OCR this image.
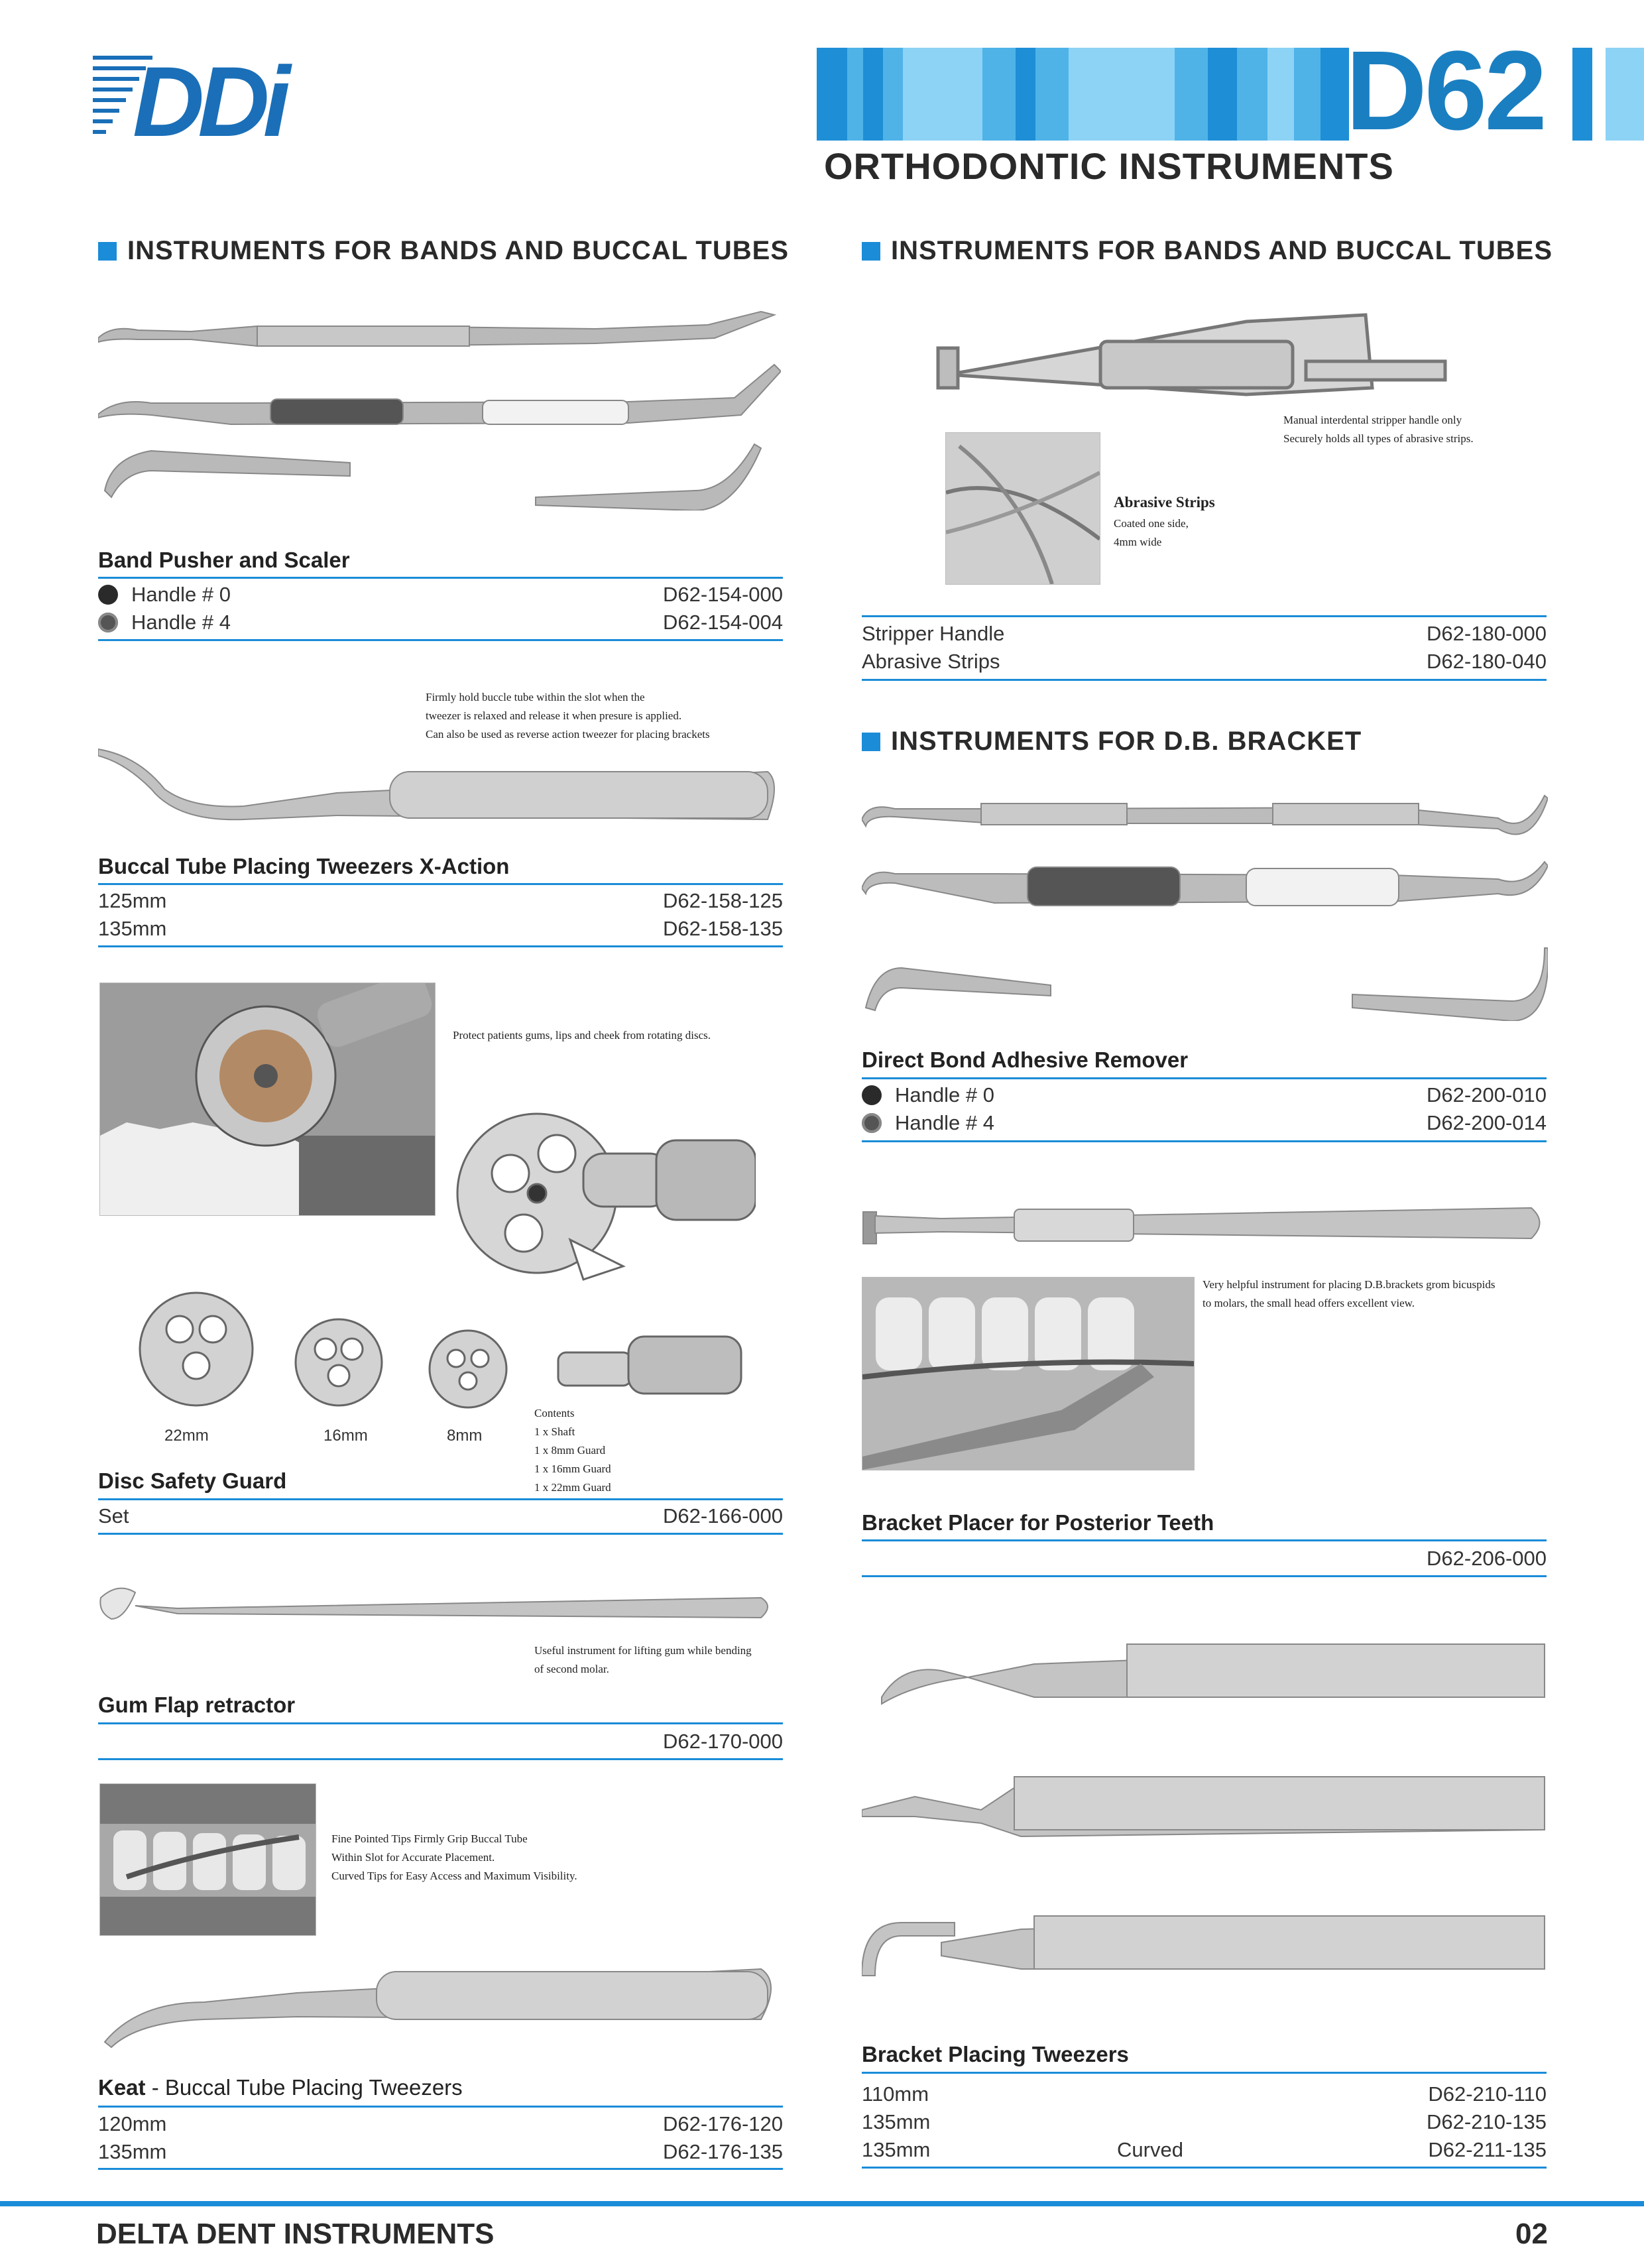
DDi	D62
ORTHODONTIC INSTRUMENTS
INSTRUMENTS FOR BANDS AND BUCCAL TUBES
Band Pusher and Scaler
Handle # 0	D62-154-000
Handle # 4	D62-154-004
Firmly hold buccle tube within the slot when the
tweezer is relaxed and release it when presure is applied.
Can also be used as reverse action tweezer for placing brackets
Buccal Tube Placing Tweezers X-Action
125mm	D62-158-125
135mm	D62-158-135
Protect patients gums, lips and cheek from rotating discs.
22mm	16mm	8mm
Contents
1 x Shaft
1 x 8mm Guard
1 x 16mm Guard
1 x 22mm Guard
Disc Safety Guard
Set	D62-166-000
Useful instrument for lifting gum while bending
of second molar.
Gum Flap retractor
D62-170-000
Fine Pointed Tips Firmly Grip Buccal Tube
Within Slot for Accurate Placement.
Curved Tips for Easy Access and Maximum Visibility.
Keat - Buccal Tube Placing Tweezers
120mm	D62-176-120
135mm	D62-176-135
INSTRUMENTS FOR BANDS AND BUCCAL TUBES
Manual interdental stripper handle only
Securely holds all types of abrasive strips.
Abrasive Strips
Coated one side,
4mm wide
Stripper Handle	D62-180-000
Abrasive Strips	D62-180-040
INSTRUMENTS FOR D.B. BRACKET
Direct Bond Adhesive Remover
Handle # 0	D62-200-010
Handle # 4	D62-200-014
Very helpful instrument for placing D.B.brackets grom bicuspids
to molars, the small head offers excellent view.
Bracket Placer for Posterior Teeth
D62-206-000
Bracket Placing Tweezers
110mm	D62-210-110
135mm	D62-210-135
135mm	Curved	D62-211-135
DELTA DENT INSTRUMENTS	02
